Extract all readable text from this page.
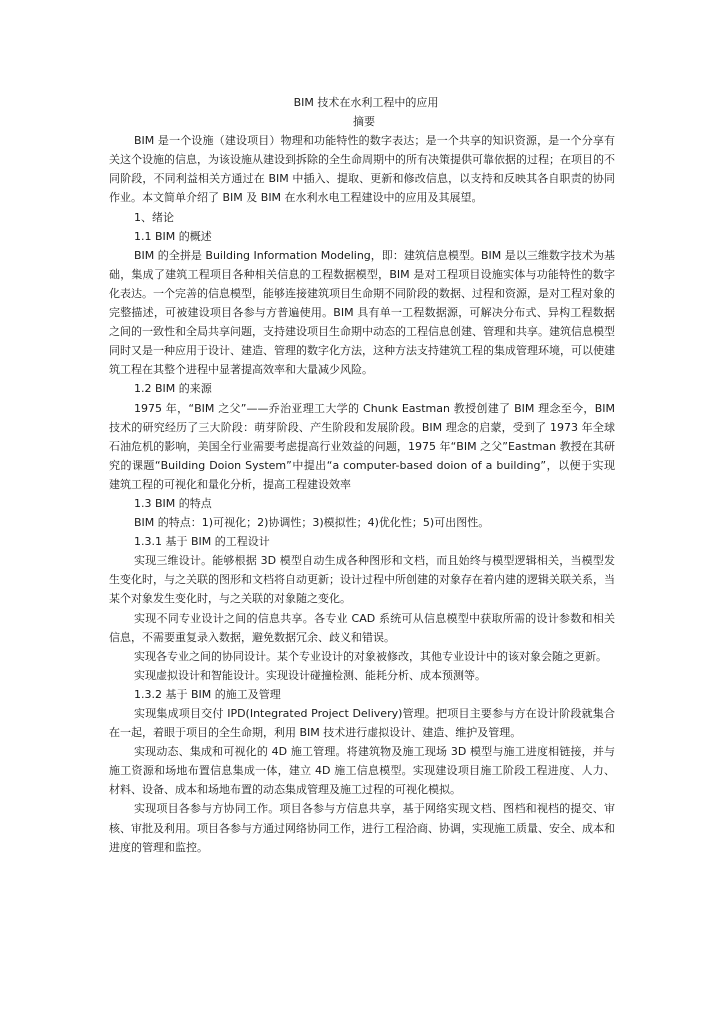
BIM 技术在水利工程中的应用

摘要

BIM 是一个设施（建设项目）物理和功能特性的数字表达；是一个共享的知识资源，是一个分享有关这个设施的信息，为该设施从建设到拆除的全生命周期中的所有决策提供可靠依据的过程；在项目的不同阶段，不同利益相关方通过在 BIM 中插入、提取、更新和修改信息，以支持和反映其各自职责的协同作业。本文简单介绍了 BIM 及 BIM 在水利水电工程建设中的应用及其展望。

1、绪论

1.1 BIM 的概述

BIM 的全拼是 Building Information Modeling，即：建筑信息模型。BIM 是以三维数字技术为基础，集成了建筑工程项目各种相关信息的工程数据模型，BIM 是对工程项目设施实体与功能特性的数字化表达。一个完善的信息模型，能够连接建筑项目生命期不同阶段的数据、过程和资源，是对工程对象的完整描述，可被建设项目各参与方普遍使用。BIM 具有单一工程数据源，可解决分布式、异构工程数据之间的一致性和全局共享问题，支持建设项目生命期中动态的工程信息创建、管理和共享。建筑信息模型同时又是一种应用于设计、建造、管理的数字化方法，这种方法支持建筑工程的集成管理环境，可以使建筑工程在其整个进程中显著提高效率和大量减少风险。

1.2 BIM 的来源

1975 年，“BIM 之父”——乔治亚理工大学的 Chunk Eastman 教授创建了 BIM 理念至今，BIM 技术的研究经历了三大阶段：萌芽阶段、产生阶段和发展阶段。BIM 理念的启蒙，受到了 1973 年全球石油危机的影响，美国全行业需要考虑提高行业效益的问题，1975 年“BIM 之父”Eastman 教授在其研究的课题“Building Doion System”中提出“a computer-based doion of a building”，以便于实现建筑工程的可视化和量化分析，提高工程建设效率

1.3 BIM 的特点

BIM 的特点：1)可视化；2)协调性；3)模拟性；4)优化性；5)可出图性。

1.3.1 基于 BIM 的工程设计

实现三维设计。能够根据 3D 模型自动生成各种图形和文档，而且始终与模型逻辑相关，当模型发生变化时，与之关联的图形和文档将自动更新；设计过程中所创建的对象存在着内建的逻辑关联关系，当某个对象发生变化时，与之关联的对象随之变化。

实现不同专业设计之间的信息共享。各专业 CAD 系统可从信息模型中获取所需的设计参数和相关信息，不需要重复录入数据，避免数据冗余、歧义和错误。

实现各专业之间的协同设计。某个专业设计的对象被修改，其他专业设计中的该对象会随之更新。

实现虚拟设计和智能设计。实现设计碰撞检测、能耗分析、成本预测等。

1.3.2 基于 BIM 的施工及管理

实现集成项目交付 IPD(Integrated Project Delivery)管理。把项目主要参与方在设计阶段就集合在一起，着眼于项目的全生命期，利用 BIM 技术进行虚拟设计、建造、维护及管理。

实现动态、集成和可视化的 4D 施工管理。将建筑物及施工现场 3D 模型与施工进度相链接，并与施工资源和场地布置信息集成一体，建立 4D 施工信息模型。实现建设项目施工阶段工程进度、人力、材料、设备、成本和场地布置的动态集成管理及施工过程的可视化模拟。

实现项目各参与方协同工作。项目各参与方信息共享，基于网络实现文档、图档和视档的提交、审核、审批及利用。项目各参与方通过网络协同工作，进行工程洽商、协调，实现施工质量、安全、成本和进度的管理和监控。
